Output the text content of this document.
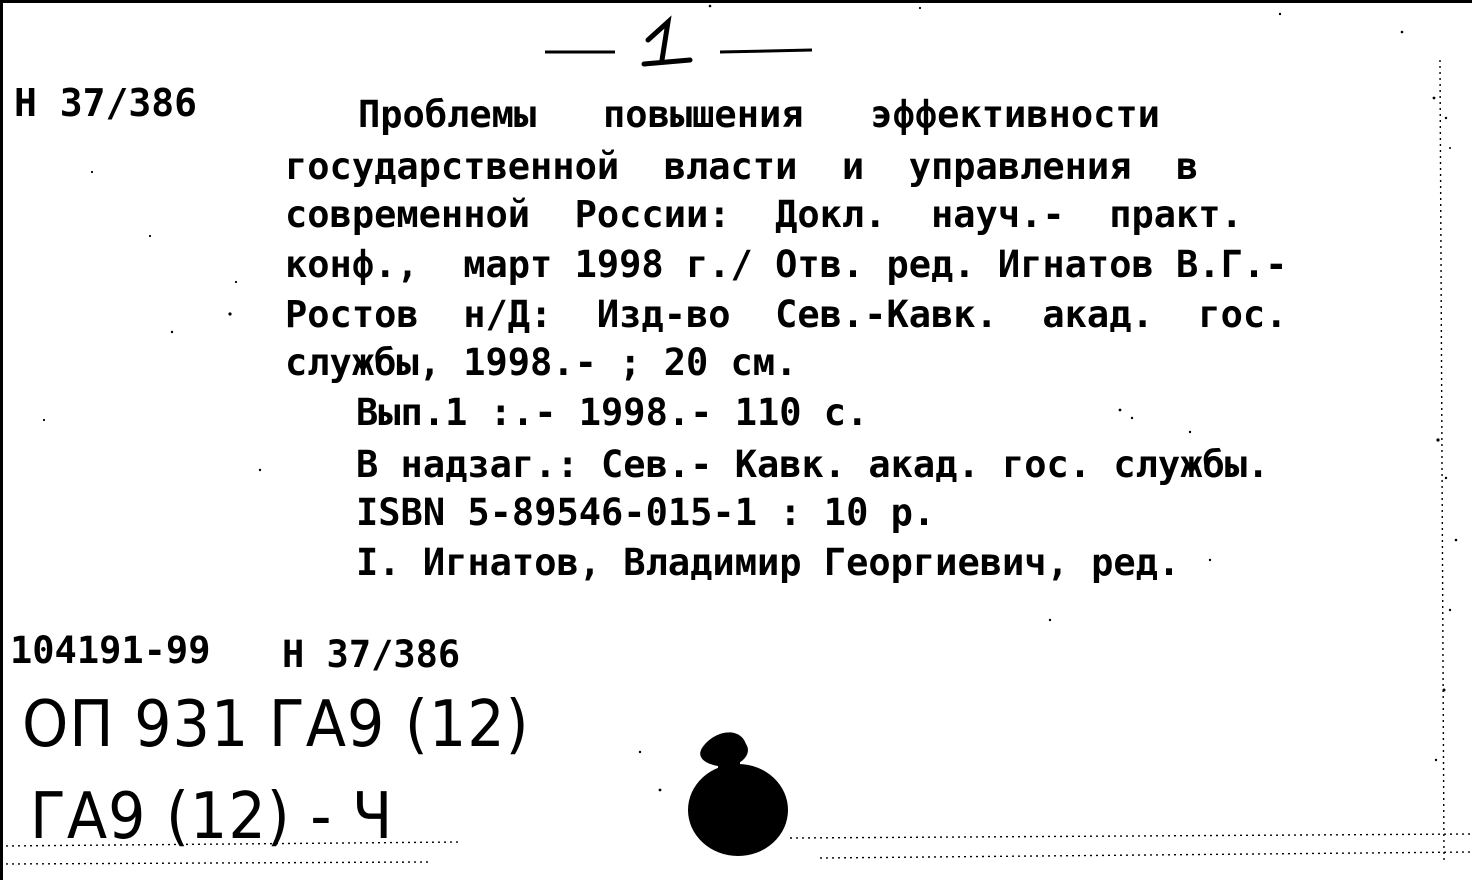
Н 37/386	Проблемы   повышения   эффективности
государственной  власти  и  управления  в
современной  России:  Докл.  науч.-  практ.
конф.,  март 1998 г./ Отв. ред. Игнатов В.Г.-
Ростов  н/Д:  Изд-во  Сев.-Кавк.  акад.  гос.
службы, 1998.- ; 20 см.
Вып.1 :.- 1998.- 110 с.
В надзаг.: Сев.- Кавк. акад. гос. службы.
ISBN 5-89546-015-1 : 10 р.
I. Игнатов, Владимир Георгиевич, ред.
104191-99 Н 37/386
ОП 931 ГА9 (12)
ГА9 (12) - Ч
